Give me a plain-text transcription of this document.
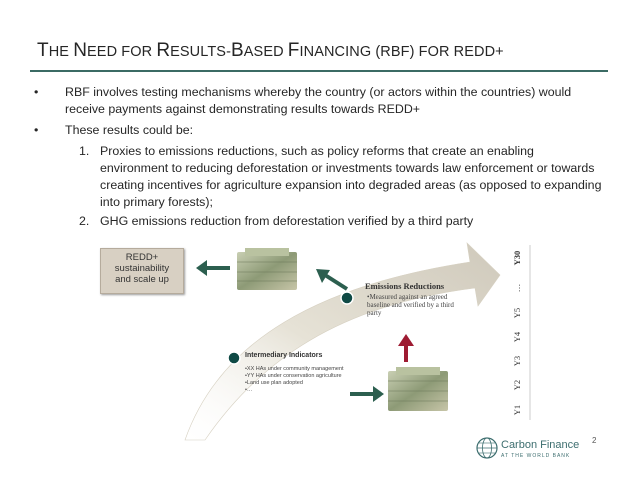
THE NEED FOR RESULTS-BASED FINANCING (RBF) FOR REDD+
• RBF involves testing mechanisms whereby the country (or actors within the countries) would receive payments against demonstrating results towards REDD+
• These results could be:
1. Proxies to emissions reductions, such as policy reforms that create an enabling environment to reducing deforestation or investments towards law enforcement or towards creating incentives for agriculture expansion into degraded areas (as opposed to expanding into primary forests);
2. GHG emissions reduction from deforestation verified by a third party
REDD+
sustainability
and scale up
Emissions Reductions
•Measured against an agreed baseline and verified by a third party
Intermediary Indicators
•XX HAs under community management
•YY HAs under conservation agriculture
•Land use plan adopted
•…
Y1
Y2
Y3
Y4
Y5
…
Y30
2
Carbon Finance
AT THE WORLD BANK
